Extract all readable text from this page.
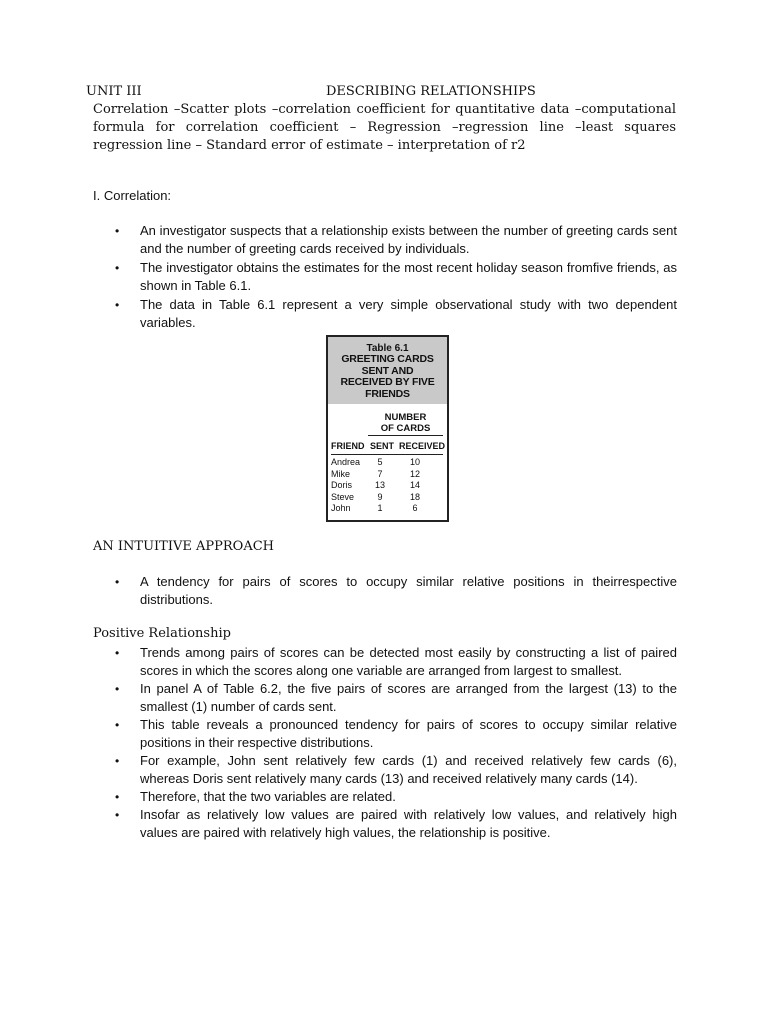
UNIT III	DESCRIBING RELATIONSHIPS
Correlation –Scatter plots –correlation coefficient for quantitative data –computational formula for correlation coefficient – Regression –regression line –least squares regression line – Standard error of estimate – interpretation of r2
I. Correlation:
• An investigator suspects that a relationship exists between the number of greeting cards sent and the number of greeting cards received by individuals.
• The investigator obtains the estimates for the most recent holiday season fromfive friends, as shown in Table 6.1.
• The data in Table 6.1 represent a very simple observational study with two dependent variables.
Table 6.1
GREETING CARDS
SENT AND
RECEIVED BY FIVE
FRIENDS
NUMBER
OF CARDS
FRIEND SENT RECEIVED
Andrea	5	10
Mike	7	12
Doris	13	14
Steve	9	18
John	1	6
AN INTUITIVE APPROACH
• A tendency for pairs of scores to occupy similar relative positions in theirrespective distributions.
Positive Relationship
• Trends among pairs of scores can be detected most easily by constructing a list of paired scores in which the scores along one variable are arranged from largest to smallest.
• In panel A of Table 6.2, the five pairs of scores are arranged from the largest (13) to the smallest (1) number of cards sent.
• This table reveals a pronounced tendency for pairs of scores to occupy similar relative positions in their respective distributions.
• For example, John sent relatively few cards (1) and received relatively few cards (6), whereas Doris sent relatively many cards (13) and received relatively many cards (14).
• Therefore, that the two variables are related.
• Insofar as relatively low values are paired with relatively low values, and relatively high values are paired with relatively high values, the relationship is positive.
